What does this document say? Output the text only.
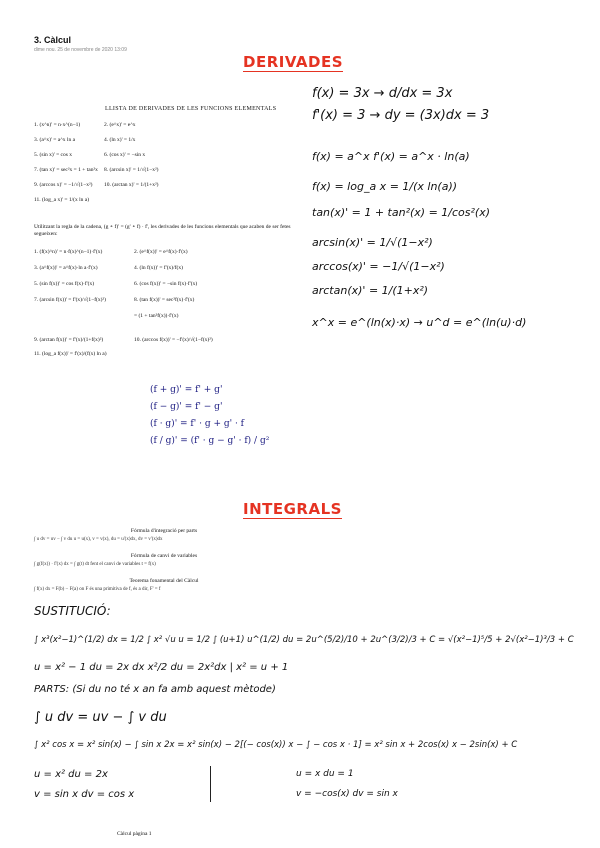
3. Càlcul
dime nou. 25 de novembre de 2020 13:09
DERIVADES
LLISTA DE DERIVADES DE LES FUNCIONS ELEMENTALS
1. (x^n)' = n·x^(n−1)	2. (e^x)' = e^x
3. (a^x)' = a^x ln a	4. (ln x)' = 1/x
5. (sin x)' = cos x	6. (cos x)' = −sin x
7. (tan x)' = sec²x = 1 + tan²x	8. (arcsin x)' = 1/√(1−x²)
9. (arccos x)' = −1/√(1−x²)	10. (arctan x)' = 1/(1+x²)
11. (log_a x)' = 1/(x ln a)
Utilitzant la regla de la cadena, (g ∘ f)' = (g' ∘ f) · f', les derivades de les funcions elementals que acaben de ser fetes segueixen:
1. (f(x)^n)' = n·f(x)^(n−1)·f'(x)	2. (e^f(x))' = e^f(x)·f'(x)
3. (a^f(x))' = a^f(x)·ln a·f'(x)	4. (ln f(x))' = f'(x)/f(x)
5. (sin f(x))' = cos f(x)·f'(x)	6. (cos f(x))' = −sin f(x)·f'(x)
7. (arcsin f(x))' = f'(x)/√(1−f(x)²)	8. (tan f(x))' = sec²f(x)·f'(x)
= (1 + tan²f(x))·f'(x)
9. (arctan f(x))' = f'(x)/(1+f(x)²)	10. (arccos f(x))' = −f'(x)/√(1−f(x)²)
11. (log_a f(x))' = f'(x)/(f(x) ln a)
(f + g)' = f' + g'
(f − g)' = f' − g'
(f · g)' = f' · g + g' · f
(f / g)' = (f' · g − g' · f) / g²
f(x) = 3x → d/dx = 3x
f'(x) = 3 → dy = (3x)dx = 3
f(x) = a^x f'(x) = a^x · ln(a)
f(x) = log_a x = 1/(x ln(a))
tan(x)' = 1 + tan²(x) = 1/cos²(x)
arcsin(x)' = 1/√(1−x²)
arccos(x)' = −1/√(1−x²)
arctan(x)' = 1/(1+x²)
x^x = e^(ln(x)·x) → u^d = e^(ln(u)·d)
INTEGRALS
Fórmula d'integració per parts
∫ u dv = uv − ∫ v du u = u(x), v = v(x), du = u'(x)dx, dv = v'(x)dx
Fórmula de canvi de variables
∫ g(f(x)) · f'(x) dx = ∫ g(t) dt fent el canvi de variables t = f(x)
Teorema fonamental del Càlcul
∫ f(x) dx = F(b) − F(a) on F és una primitiva de f, és a dir, F' = f
SUSTITUCIÓ:
∫ x³(x²−1)^(1/2) dx = 1/2 ∫ x² √u u = 1/2 ∫ (u+1) u^(1/2) du = 2u^(5/2)/10 + 2u^(3/2)/3 + C = √(x²−1)⁵/5 + 2√(x²−1)³/3 + C
u = x² − 1 du = 2x dx x²/2 du = 2x²dx | x² = u + 1
PARTS: (Si du no té x an fa amb aquest mètode)
∫ u dv = uv − ∫ v du
∫ x² cos x = x² sin(x) − ∫ sin x 2x = x² sin(x) − 2[(− cos(x)) x − ∫ − cos x · 1] = x² sin x + 2cos(x) x − 2sin(x) + C
u = x² du = 2x
v = sin x dv = cos x
u = x du = 1
v = −cos(x) dv = sin x
Càlcul pàgina 1
